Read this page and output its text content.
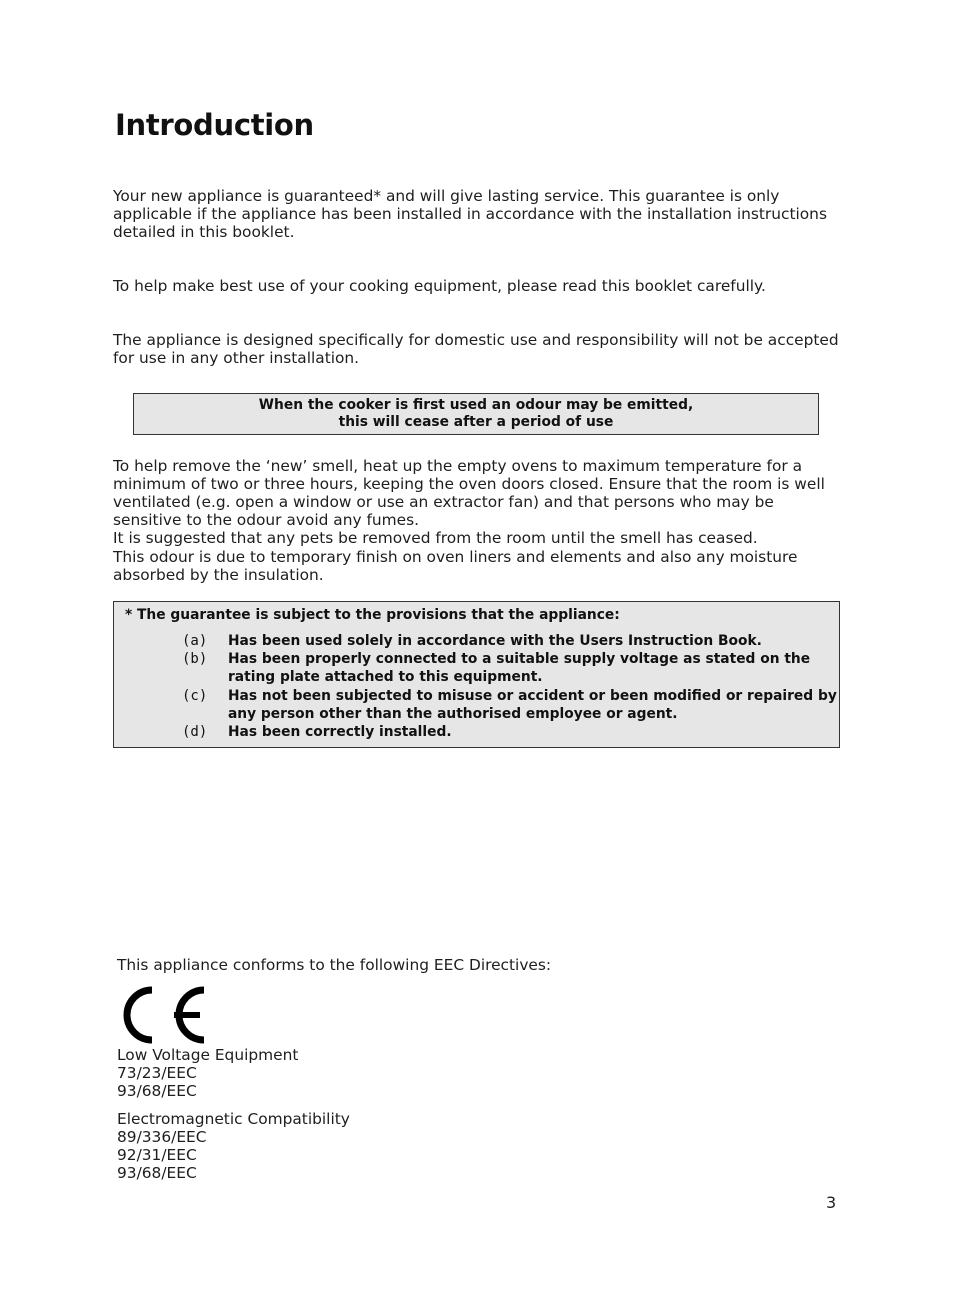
Introduction

Your new appliance is guaranteed* and will give lasting service. This guarantee is only applicable if the appliance has been installed in accordance with the installation instructions detailed in this booklet.

To help make best use of your cooking equipment, please read this booklet carefully.

The appliance is designed specifically for domestic use and responsibility will not be accepted for use in any other installation.

When the cooker is first used an odour may be emitted,
this will cease after a period of use

To help remove the ‘new’ smell, heat up the empty ovens to maximum temperature for a minimum of two or three hours, keeping the oven doors closed. Ensure that the room is well ventilated (e.g. open a window or use an extractor fan) and that persons who may be sensitive to the odour avoid any fumes.

It is suggested that any pets be removed from the room until the smell has ceased.

This odour is due to temporary finish on oven liners and elements and also any moisture absorbed by the insulation.

* The guarantee is subject to the provisions that the appliance:
(a) Has been used solely in accordance with the Users Instruction Book.
(b) Has been properly connected to a suitable supply voltage as stated on the rating plate attached to this equipment.
(c) Has not been subjected to misuse or accident or been modified or repaired by any person other than the authorised employee or agent.
(d) Has been correctly installed.
This appliance conforms to the following EEC Directives:
Low Voltage Equipment
73/23/EEC
93/68/EEC
Electromagnetic Compatibility
89/336/EEC
92/31/EEC
93/68/EEC
3
